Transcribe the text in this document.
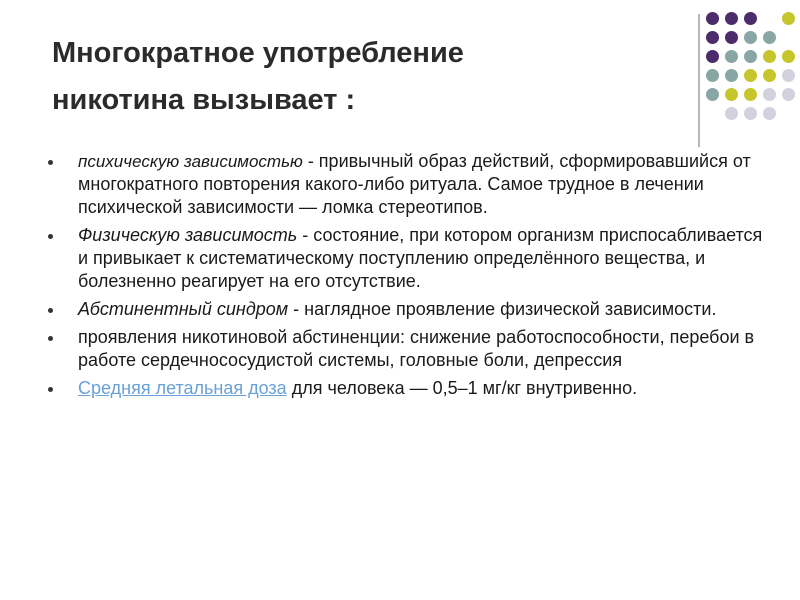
Многократное употребление
никотина вызывает :
психическую зависимостью - привычный образ действий, сформировавшийся от многократного повторения какого-либо ритуала. Самое трудное в лечении психической зависимости — ломка стереотипов.
Физическую зависимость - состояние, при котором организм приспосабливается и привыкает к систематическому поступлению определённого вещества, и болезненно реагирует на его отсутствие.
Абстинентный синдром - наглядное проявление физической зависимости.
проявления никотиновой абстиненции: снижение работоспособности, перебои в работе сердечнососудистой системы, головные боли, депрессия
Средняя летальная доза для человека — 0,5–1 мг/кг внутривенно.
